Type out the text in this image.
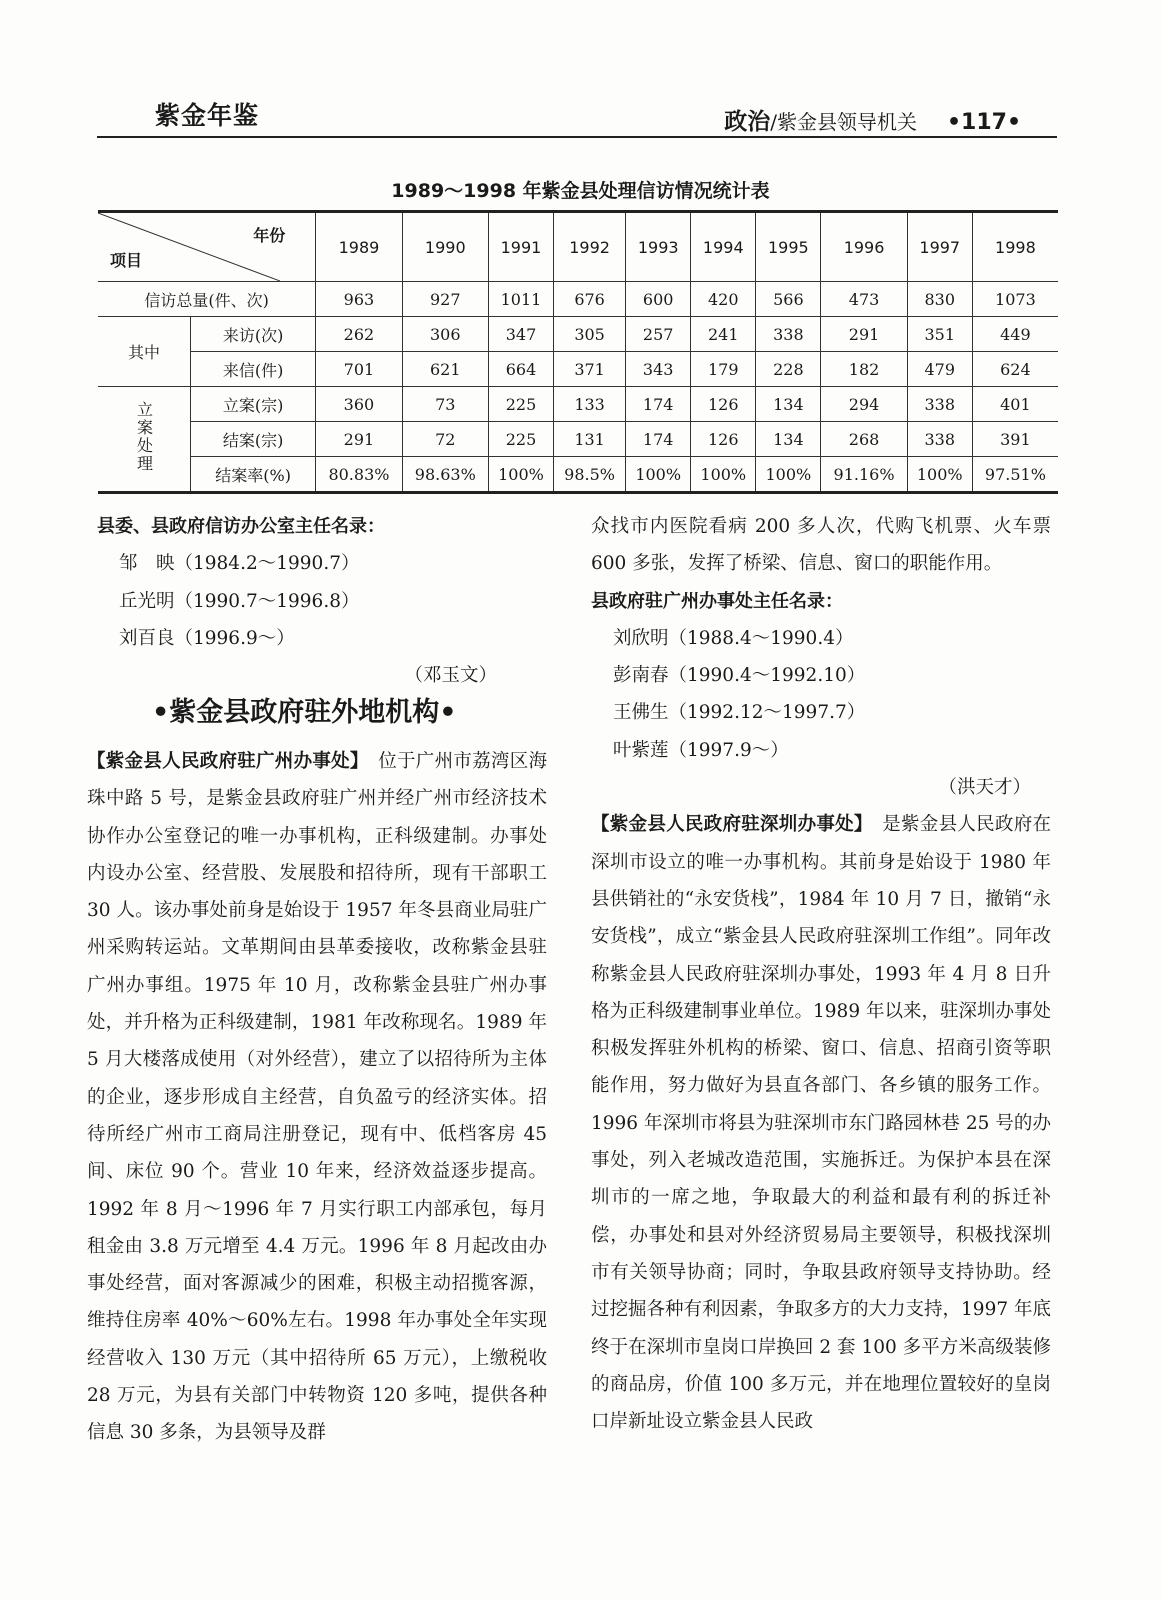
紫金年鉴	政治/紫金县领导机关 •117•
1989～1998 年紫金县处理信访情况统计表
年份
项目		1989	1990	1991	1992	1993	1994	1995	1996	1997	1998
信访总量(件、次)		963	927	1011	676	600	420	566	473	830	1073
其中	来访(次)	262	306	347	305	257	241	338	291	351	449
	来信(件)	701	621	664	371	343	179	228	182	479	624
立案处理	立案(宗)	360	73	225	133	174	126	134	294	338	401
	结案(宗)	291	72	225	131	174	126	134	268	338	391
	结案率(%)	80.83%	98.63%	100%	98.5%	100%	100%	100%	91.16%	100%	97.51%

县委、县政府信访办公室主任名录：

邹　映（1984.2～1990.7）

丘光明（1990.7～1996.8）

刘百良（1996.9～）

（邓玉文）

•紫金县政府驻外地机构•

【紫金县人民政府驻广州办事处】　 位于广州市荔湾区海珠中路 5 号，是紫金县政府驻广州并经广州市经济技术协作办公室登记的唯一办事机构，正科级建制。办事处内设办公室、经营股、发展股和招待所，现有干部职工 30 人。该办事处前身是始设于 1957 年冬县商业局驻广州采购转运站。文革期间由县革委接收，改称紫金县驻广州办事组。1975 年 10 月，改称紫金县驻广州办事处，并升格为正科级建制，1981 年改称现名。1989 年 5 月大楼落成使用（对外经营），建立了以招待所为主体的企业，逐步形成自主经营，自负盈亏的经济实体。招待所经广州市工商局注册登记，现有中、低档客房 45 间、床位 90 个。营业 10 年来，经济效益逐步提高。1992 年 8 月～1996 年 7 月实行职工内部承包，每月租金由 3.8 万元增至 4.4 万元。1996 年 8 月起改由办事处经营，面对客源减少的困难，积极主动招揽客源，维持住房率 40%～60%左右。1998 年办事处全年实现经营收入 130 万元（其中招待所 65 万元），上缴税收 28 万元，为县有关部门中转物资 120 多吨，提供各种信息 30 多条，为县领导及群

众找市内医院看病 200 多人次，代购飞机票、火车票 600 多张，发挥了桥梁、信息、窗口的职能作用。

县政府驻广州办事处主任名录：

刘欣明（1988.4～1990.4）

彭南春（1990.4～1992.10）

王佛生（1992.12～1997.7）

叶紫莲（1997.9～）

（洪天才）

【紫金县人民政府驻深圳办事处】　 是紫金县人民政府在深圳市设立的唯一办事机构。其前身是始设于 1980 年县供销社的“永安货栈”，1984 年 10 月 7 日，撤销“永安货栈”，成立“紫金县人民政府驻深圳工作组”。同年改称紫金县人民政府驻深圳办事处，1993 年 4 月 8 日升格为正科级建制事业单位。1989 年以来，驻深圳办事处积极发挥驻外机构的桥梁、窗口、信息、招商引资等职能作用，努力做好为县直各部门、各乡镇的服务工作。1996 年深圳市将县为驻深圳市东门路园林巷 25 号的办事处，列入老城改造范围，实施拆迁。为保护本县在深圳市的一席之地，争取最大的利益和最有利的拆迁补偿，办事处和县对外经济贸易局主要领导，积极找深圳市有关领导协商；同时，争取县政府领导支持协助。经过挖掘各种有利因素，争取多方的大力支持，1997 年底终于在深圳市皇岗口岸换回 2 套 100 多平方米高级装修的商品房，价值 100 多万元，并在地理位置较好的皇岗口岸新址设立紫金县人民政
